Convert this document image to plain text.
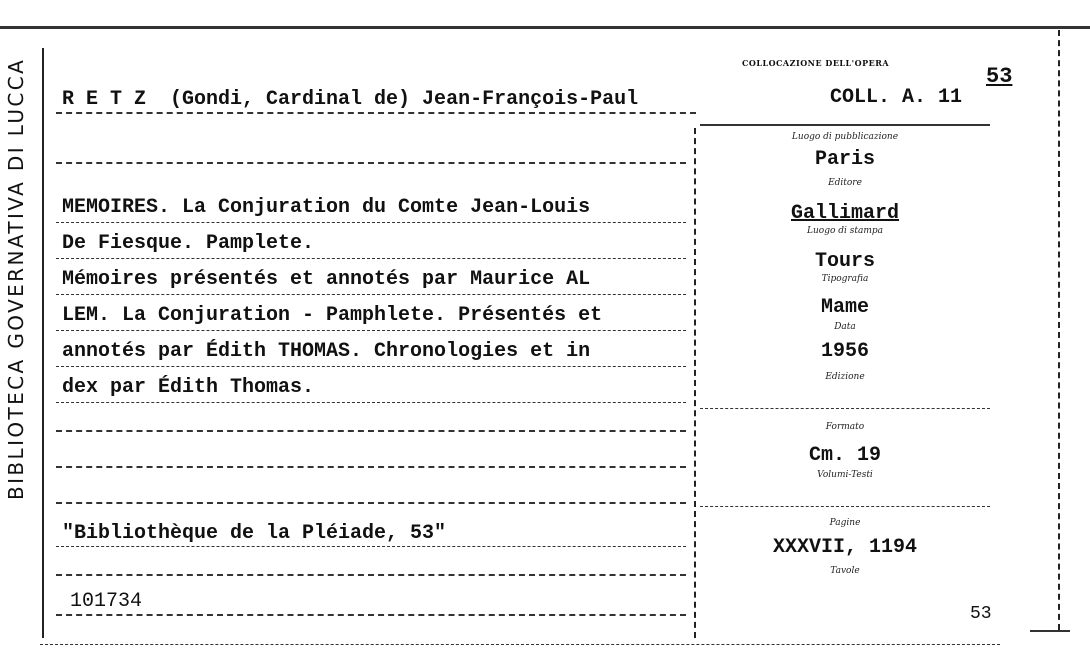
BIBLIOTECA GOVERNATIVA DI LUCCA	COLLOCAZIONE DELL'OPERA
53
COLL. A. 11
R E T Z  (Gondi, Cardinal de) Jean-François-Paul
MEMOIRES. La Conjuration du Comte Jean-Louis
De Fiesque. Pamplete.
Mémoires présentés et annotés par Maurice AL
LEM. La Conjuration - Pamphlete. Présentés et
annotés par Édith THOMAS. Chronologies et in
dex par Édith Thomas.
"Bibliothèque de la Pléiade, 53"
101734
Luogo di pubblicazione
Paris
Editore
Gallimard
Luogo di stampa
Tours
Tipografia
Mame
Data
1956
Edizione
Formato
Cm. 19
Volumi-Testi
Pagine
XXXVII, 1194
Tavole
53
